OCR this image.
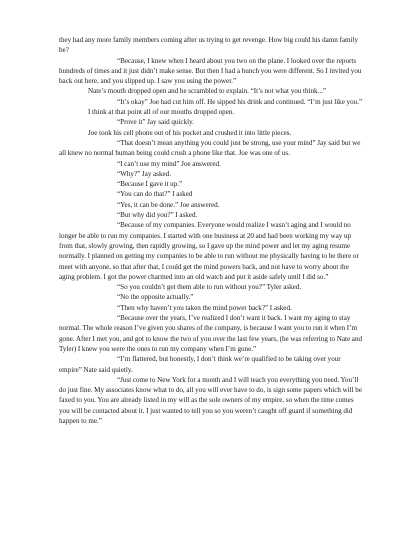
they had any more family members coming after us trying to get revenge. How big could his damn family be?

“Because, I knew when I heard about you two on the plane. I looked over the reports hundreds of times and it just didn’t make sense. But then I had a hunch you were different. So I invited you back out here, and you slipped up. I saw you using the power.”

Nate’s mouth dropped open and he scrambled to explain. “It’s not what you think...”

“It’s okay” Joe had cut him off. He sipped his drink and continued. “I’m just like you.”

I think at that point all of our mouths dropped open.

“Prove it” Jay said quickly.

Joe took his cell phone out of his pocket and crushed it into little pieces.

“That doesn’t mean anything you could just be strong, use your mind” Jay said but we all knew no normal human being could crush a phone like that. Joe was one of us.

“I can’t use my mind” Joe answered.

“Why?” Jay asked.

“Because I gave it up.”

“You can do that?” I asked

“Yes, it can be done.” Joe answered.

“But why did you?” I asked.

“Because of my companies. Everyone would realize I wasn’t aging and I would no longer be able to run my companies. I started with one business at 20 and had been working my way up from that, slowly growing, then rapidly growing, so I gave up the mind power and let my aging resume normally. I planned on getting my companies to be able to run without me physically having to be there or meet with anyone, so that after that, I could get the mind powers back, and not have to worry about the aging problem. I got the power charmed into an old watch and put it aside safely until I did so.”

“So you couldn’t get them able to run without you?” Tyler asked.

“No the opposite actually.”

“Then why haven’t you taken the mind power back?” I asked.

“Because over the years, I’ve realized I don’t want it back. I want my aging to stay normal. The whole reason I’ve given you shares of the company, is because I want you to run it when I’m gone. After I met you, and got to know the two of you over the last few years, (he was referring to Nate and Tyler) I knew you were the ones to run my company when I’m gone.”

“I’m flattered, but honestly, I don’t think we’re qualified to be taking over your empire” Nate said quietly.

“Just come to New York for a month and I will teach you everything you need. You’ll do just fine. My associates know what to do, all you will ever have to do, is sign some papers which will be faxed to you. You are already listed in my will as the sole owners of my empire, so when the time comes you will be contacted about it. I just wanted to tell you so you weren’t caught off guard if something did happen to me.”
